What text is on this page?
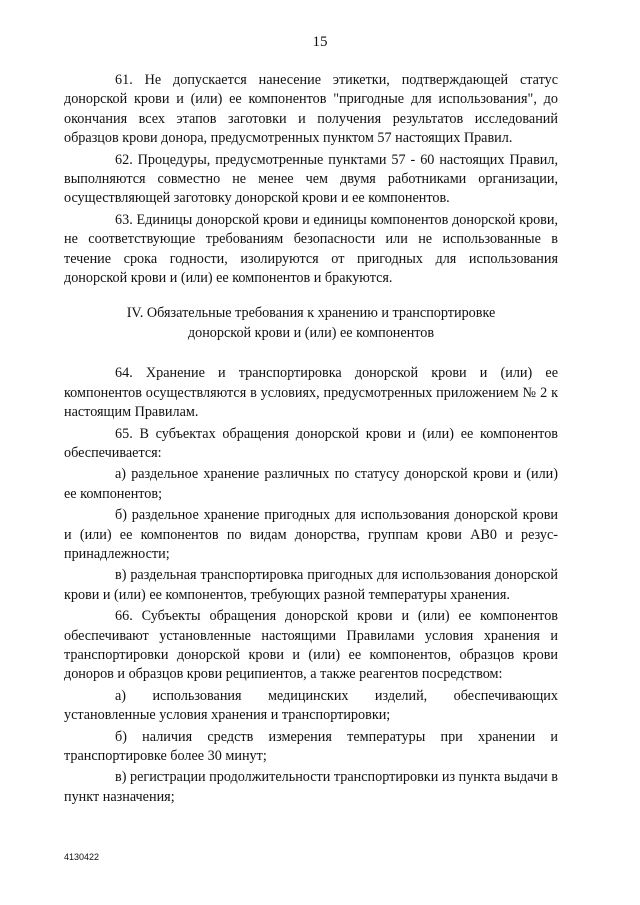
15

61. Не допускается нанесение этикетки, подтверждающей статус донорской крови и (или) ее компонентов "пригодные для использования", до окончания всех этапов заготовки и получения результатов исследований образцов крови донора, предусмотренных пунктом 57 настоящих Правил.

62. Процедуры, предусмотренные пунктами 57 - 60 настоящих Правил, выполняются совместно не менее чем двумя работниками организации, осуществляющей заготовку донорской крови и ее компонентов.

63. Единицы донорской крови и единицы компонентов донорской крови, не соответствующие требованиям безопасности или не использованные в течение срока годности, изолируются от пригодных для использования донорской крови и (или) ее компонентов и бракуются.

IV. Обязательные требования к хранению и транспортировке
донорской крови и (или) ее компонентов

64. Хранение и транспортировка донорской крови и (или) ее компонентов осуществляются в условиях, предусмотренных приложением № 2 к настоящим Правилам.

65. В субъектах обращения донорской крови и (или) ее компонентов обеспечивается:

а) раздельное хранение различных по статусу донорской крови и (или) ее компонентов;

б) раздельное хранение пригодных для использования донорской крови и (или) ее компонентов по видам донорства, группам крови АВ0 и резус-принадлежности;

в) раздельная транспортировка пригодных для использования донорской крови и (или) ее компонентов, требующих разной температуры хранения.

66. Субъекты обращения донорской крови и (или) ее компонентов обеспечивают установленные настоящими Правилами условия хранения и транспортировки донорской крови и (или) ее компонентов, образцов крови доноров и образцов крови реципиентов, а также реагентов посредством:

а) использования медицинских изделий, обеспечивающих установленные условия хранения и транспортировки;

б) наличия средств измерения температуры при хранении и транспортировке более 30 минут;

в) регистрации продолжительности транспортировки из пункта выдачи в пункт назначения;

4130422
